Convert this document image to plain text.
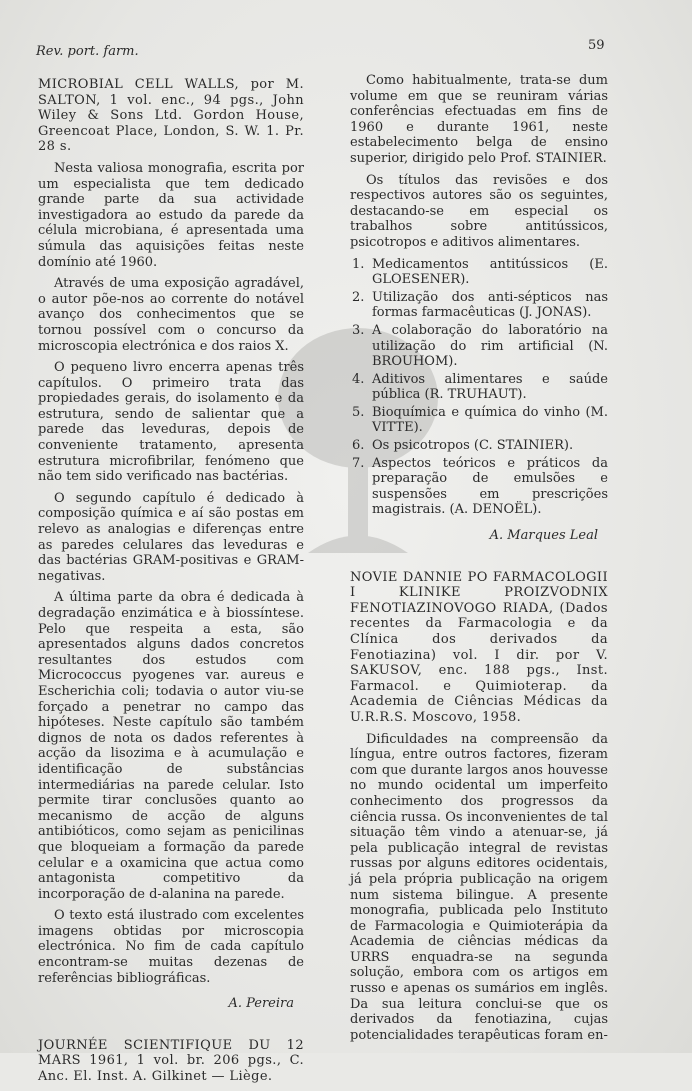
Rev. port. farm.	59

MICROBIAL CELL WALLS, por M. SALTON, 1 vol. enc., 94 pgs., John Wiley & Sons Ltd. Gordon House, Greencoat Place, London, S. W. 1. Pr. 28 s.

Nesta valiosa monografia, escrita por um especialista que tem dedicado grande parte da sua actividade investigadora ao estudo da parede da célula microbiana, é apresentada uma súmula das aquisições feitas neste domínio até 1960.

Através de uma exposição agradável, o autor põe-nos ao corrente do notável avanço dos conhecimentos que se tornou possível com o concurso da microscopia electrónica e dos raios X.

O pequeno livro encerra apenas três capítulos. O primeiro trata das propiedades gerais, do isolamento e da estrutura, sendo de salientar que a parede das leveduras, depois de conveniente tratamento, apresenta estrutura microfibrilar, fenómeno que não tem sido verificado nas bactérias.

O segundo capítulo é dedicado à composição química e aí são postas em relevo as analogias e diferenças entre as paredes celulares das leveduras e das bactérias GRAM-positivas e GRAM-negativas.

A última parte da obra é dedicada à degradação enzimática e à biossíntese. Pelo que respeita a esta, são apresentados alguns dados concretos resultantes dos estudos com Micrococcus pyogenes var. aureus e Escherichia coli; todavia o autor viu-se forçado a penetrar no campo das hipóteses. Neste capítulo são também dignos de nota os dados referentes à acção da lisozima e à acumulação e identificação de substâncias intermediárias na parede celular. Isto permite tirar conclusões quanto ao mecanismo de acção de alguns antibióticos, como sejam as penicilinas que bloqueiam a formação da parede celular e a oxamicina que actua como antagonista competitivo da incorporação de d-alanina na parede.

O texto está ilustrado com excelentes imagens obtidas por microscopia electrónica. No fim de cada capítulo encontram-se muitas dezenas de referências bibliográficas.

A. Pereira

JOURNÉE SCIENTIFIQUE DU 12 MARS 1961, 1 vol. br. 206 pgs., C. Anc. El. Inst. A. Gilkinet — Liège.

Como habitualmente, trata-se dum volume em que se reuniram várias conferências efectuadas em fins de 1960 e durante 1961, neste estabelecimento belga de ensino superior, dirigido pelo Prof. STAINIER.

Os títulos das revisões e dos respectivos autores são os seguintes, destacando-se em especial os trabalhos sobre antitússicos, psicotropos e aditivos alimentares.

1. Medicamentos antitússicos (E. GLOESENER).
2. Utilização dos anti-sépticos nas formas farmacêuticas (J. JONAS).
3. A colaboração do laboratório na utilização do rim artificial (N. BROUHOM).
4. Aditivos alimentares e saúde pública (R. TRUHAUT).
5. Bioquímica e química do vinho (M. VITTE).
6. Os psicotropos (C. STAINIER).
7. Aspectos teóricos e práticos da preparação de emulsões e suspensões em prescrições magistrais. (A. DENOËL).

A. Marques Leal

NOVIE DANNIE PO FARMACOLOGII I KLINIKE PROIZVODNIX FENOTIAZINOVOGO RIADA, (Dados recentes da Farmacologia e da Clínica dos derivados da Fenotiazina) vol. I dir. por V. SAKUSOV, enc. 188 pgs., Inst. Farmacol. e Quimioterap. da Academia de Ciências Médicas da U.R.R.S. Moscovo, 1958.

Dificuldades na compreensão da língua, entre outros factores, fizeram com que durante largos anos houvesse no mundo ocidental um imperfeito conhecimento dos progressos da ciência russa. Os inconvenientes de tal situação têm vindo a atenuar-se, já pela publicação integral de revistas russas por alguns editores ocidentais, já pela própria publicação na origem num sistema bilingue. A presente monografia, publicada pelo Instituto de Farmacologia e Quimioterápia da Academia de ciências médicas da URRS enquadra-se na segunda solução, embora com os artigos em russo e apenas os sumários em inglês. Da sua leitura conclui-se que os derivados da fenotiazina, cujas potencialidades terapêuticas foram en-
